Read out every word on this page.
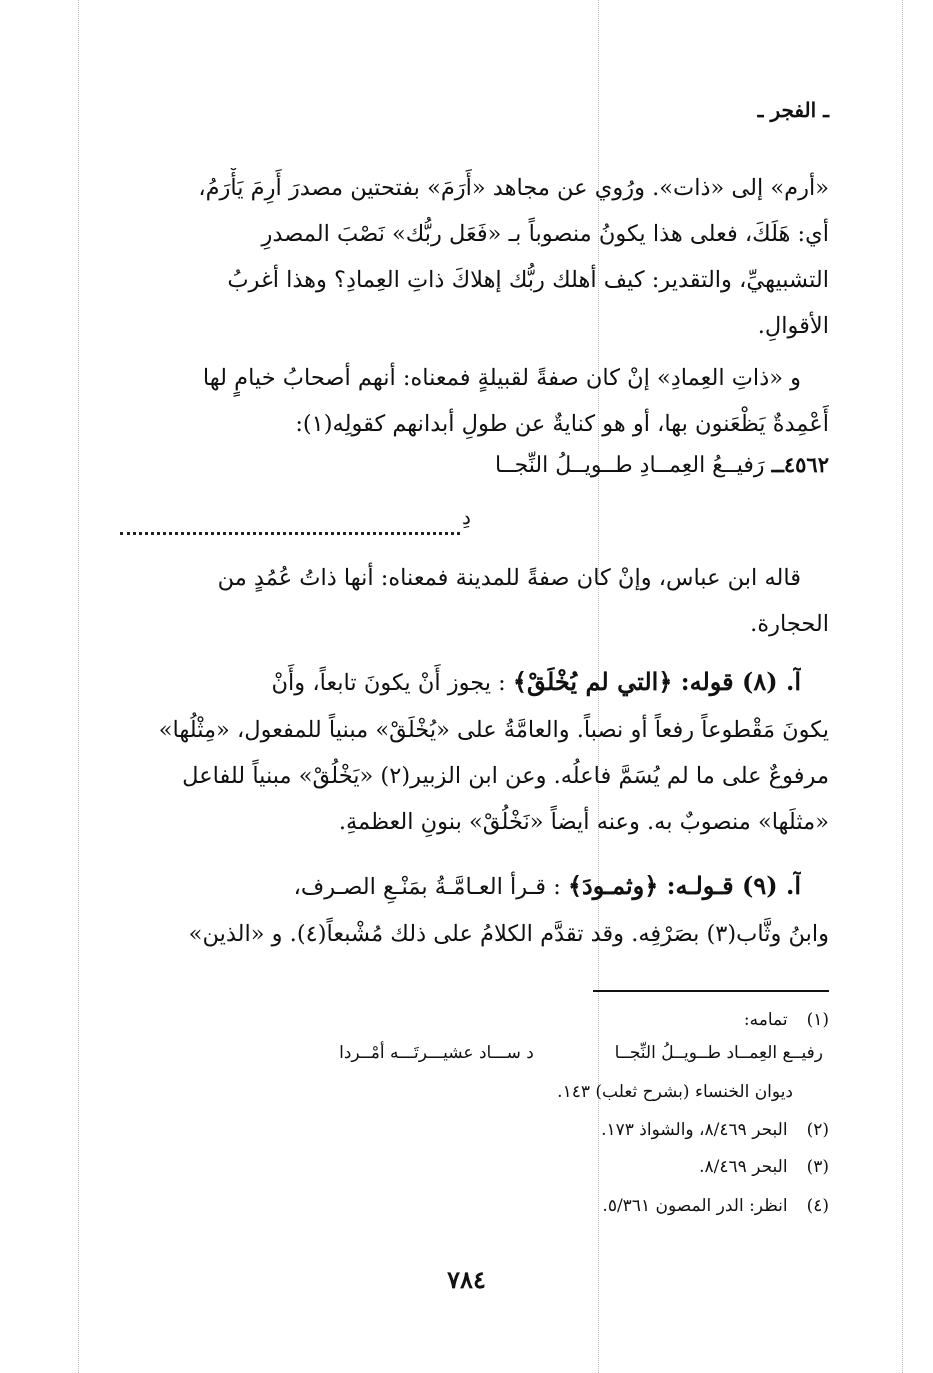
ـ الفجر ـ
«أرم» إلى «ذات». ورُوي عن مجاهد «أَرَمَ» بفتحتين مصدرَ أَرِمَ يَأْرَمُ،
أي: هَلَكَ، فعلى هذا يكونُ منصوباً بـ «فَعَل ربُّك» نَصْبَ المصدرِ
التشبيهيِّ، والتقدير: كيف أهلك ربُّك إهلاكَ ذاتِ العِمادِ؟ وهذا أغربُ
الأقوالِ.
و «ذاتِ العِمادِ» إنْ كان صفةً لقبيلةٍ فمعناه: أنهم أصحابُ خيامٍ لها
أَعْمِدةٌ يَظْعَنون بها، أو هو كنايةٌ عن طولِ أبدانهم كقولِه(١):
٤٥٦٢ــ رَفيــعُ العِمــادِ طــويــلُ النِّجــا
دِ
قاله ابن عباس، وإنْ كان صفةً للمدينة فمعناه: أنها ذاتُ عُمُدٍ من
الحجارة.
آ. (٨) قوله: ﴿التي لم يُخْلَقْ﴾ : يجوز أَنْ يكونَ تابعاً، وأَنْ
يكونَ مَقْطوعاً رفعاً أو نصباً. والعامَّةُ على «يُخْلَقْ» مبنياً للمفعول، «مِثْلُها»
مرفوعٌ على ما لم يُسَمَّ فاعلُه. وعن ابن الزبير(٢) «يَخْلُقْ» مبنياً للفاعل
«مثلَها» منصوبٌ به. وعنه أيضاً «نَخْلُقْ» بنونِ العظمةِ.
آ. (٩) قـولـه: ﴿وثمـودَ﴾ : قـرأ العـامَّـةُ بمَنْـعِ الصـرف،
وابنُ وثَّاب(٣) بصَرْفِه. وقد تقدَّم الكلامُ على ذلك مُشْبعاً(٤). و «الذين»
(١) تمامه:
رفيــع العِمــاد طــويــلُ النِّجــا  د ســـاد عشيـــرتَـــه أمْــردا
ديوان الخنساء (بشرح ثعلب) ١٤٣.
(٢) البحر ٨/٤٦٩، والشواذ ١٧٣.
(٣) البحر ٨/٤٦٩.
(٤) انظر: الدر المصون ٥/٣٦١.
٧٨٤
